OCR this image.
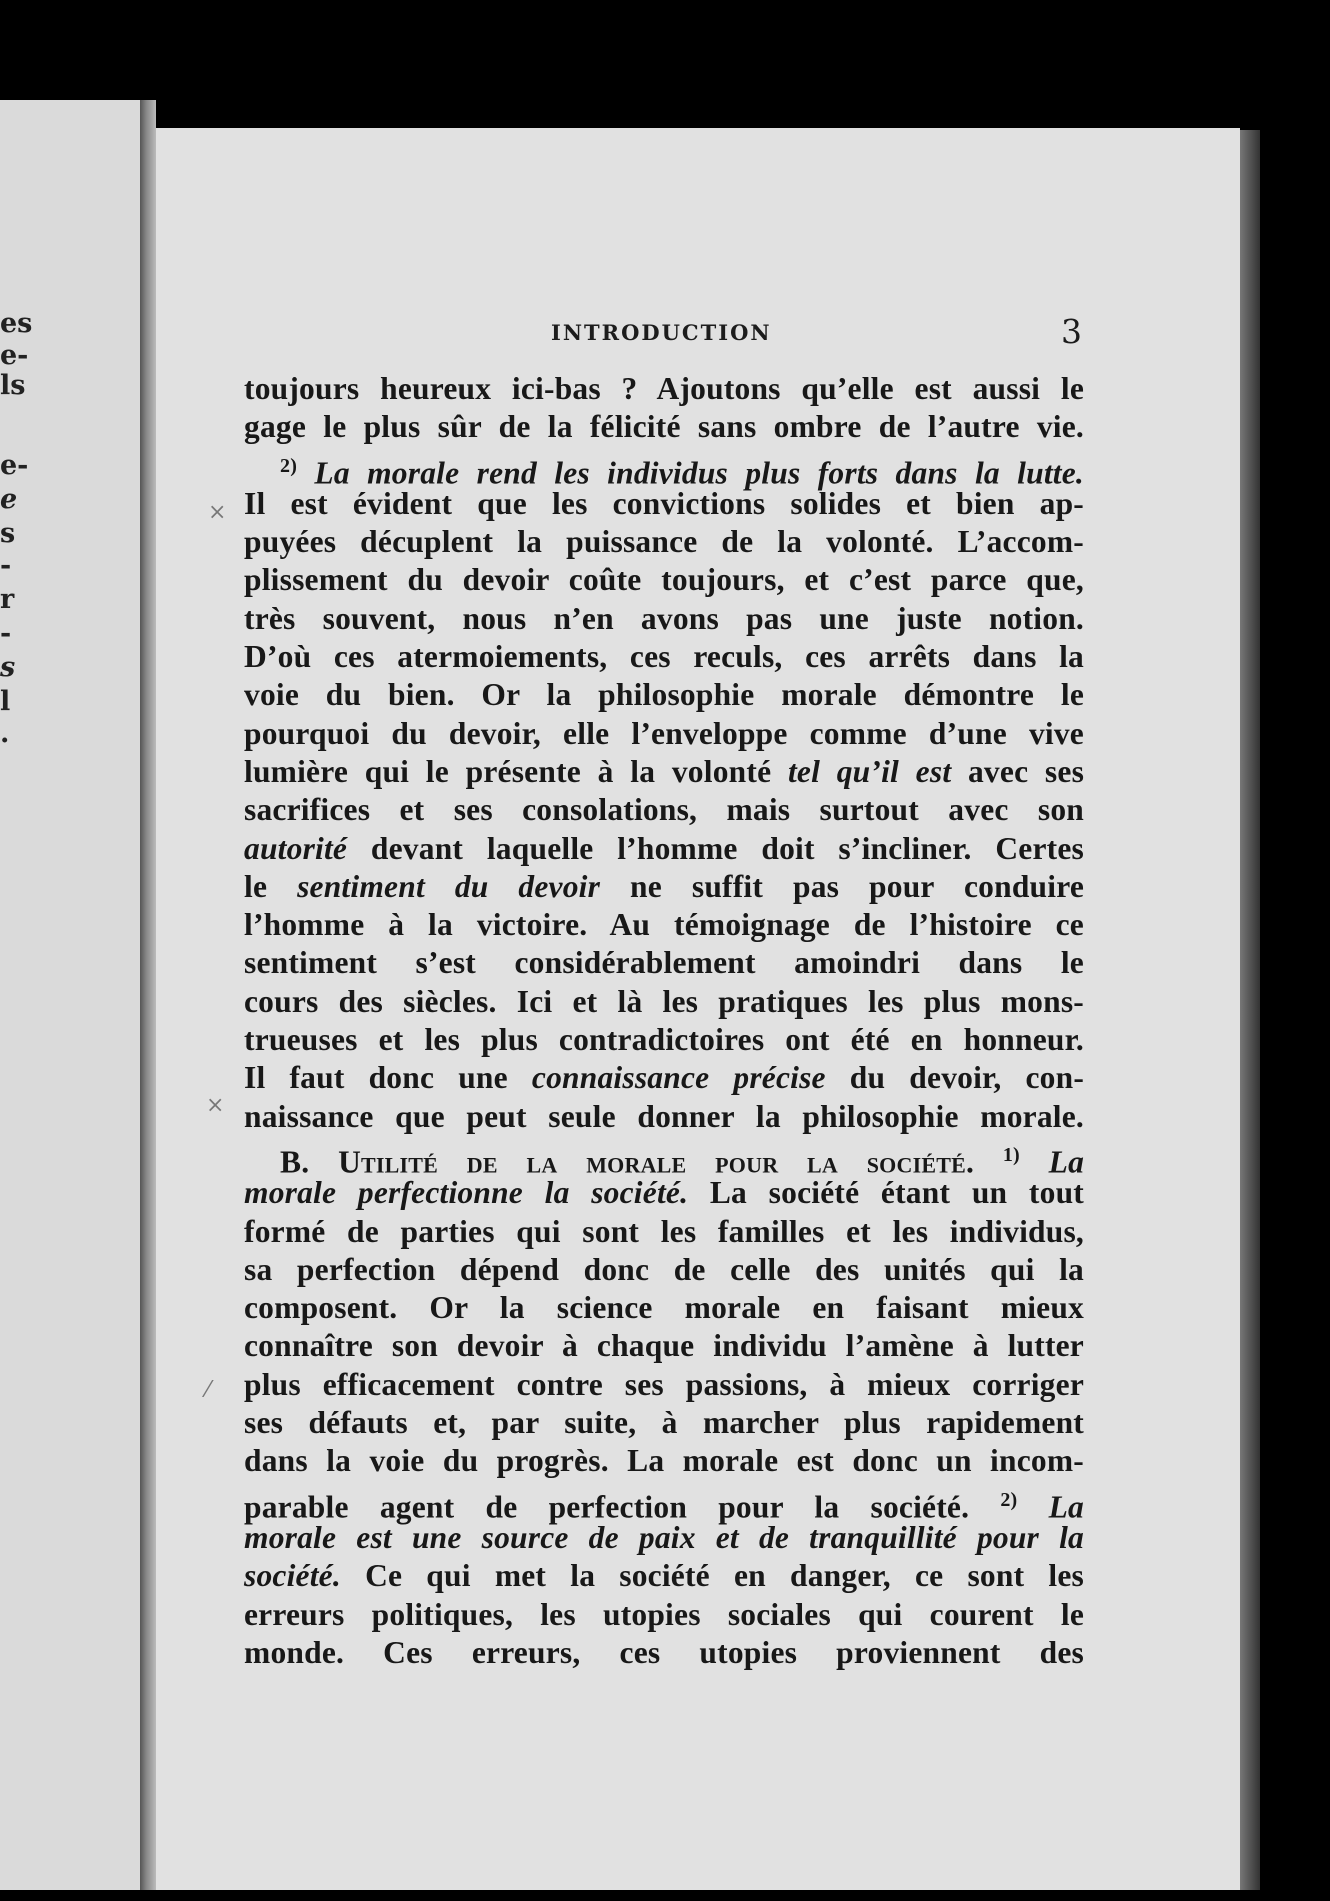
es
e-
ls
e-
e
s
-
r
-
s
l
.
INTRODUCTION	3
×
×
⁄
toujours heureux ici-bas ? Ajoutons qu’elle est aussi le
gage le plus sûr de la félicité sans ombre de l’autre vie.
$^{2)}$ La morale rend les individus plus forts dans la lutte.
Il est évident que les convictions solides et bien ap-
puyées décuplent la puissance de la volonté. L’accom-
plissement du devoir coûte toujours, et c’est parce que,
très souvent, nous n’en avons pas une juste notion.
D’où ces atermoiements, ces reculs, ces arrêts dans la
voie du bien. Or la philosophie morale démontre le
pourquoi du devoir, elle l’enveloppe comme d’une vive
lumière qui le présente à la volonté tel qu’il est avec ses
sacrifices et ses consolations, mais surtout avec son
autorité devant laquelle l’homme doit s’incliner. Certes
le sentiment du devoir ne suffit pas pour conduire
l’homme à la victoire. Au témoignage de l’histoire ce
sentiment s’est considérablement amoindri dans le
cours des siècles. Ici et là les pratiques les plus mons-
trueuses et les plus contradictoires ont été en honneur.
Il faut donc une connaissance précise du devoir, con-
naissance que peut seule donner la philosophie morale.
B. Utilité de la morale pour la société. $^{1)}$ La
morale perfectionne la société. La société étant un tout
formé de parties qui sont les familles et les individus,
sa perfection dépend donc de celle des unités qui la
composent. Or la science morale en faisant mieux
connaître son devoir à chaque individu l’amène à lutter
plus efficacement contre ses passions, à mieux corriger
ses défauts et, par suite, à marcher plus rapidement
dans la voie du progrès. La morale est donc un incom-
parable agent de perfection pour la société. $^{2)}$ La
morale est une source de paix et de tranquillité pour la
société. Ce qui met la société en danger, ce sont les
erreurs politiques, les utopies sociales qui courent le
monde. Ces erreurs, ces utopies proviennent des
